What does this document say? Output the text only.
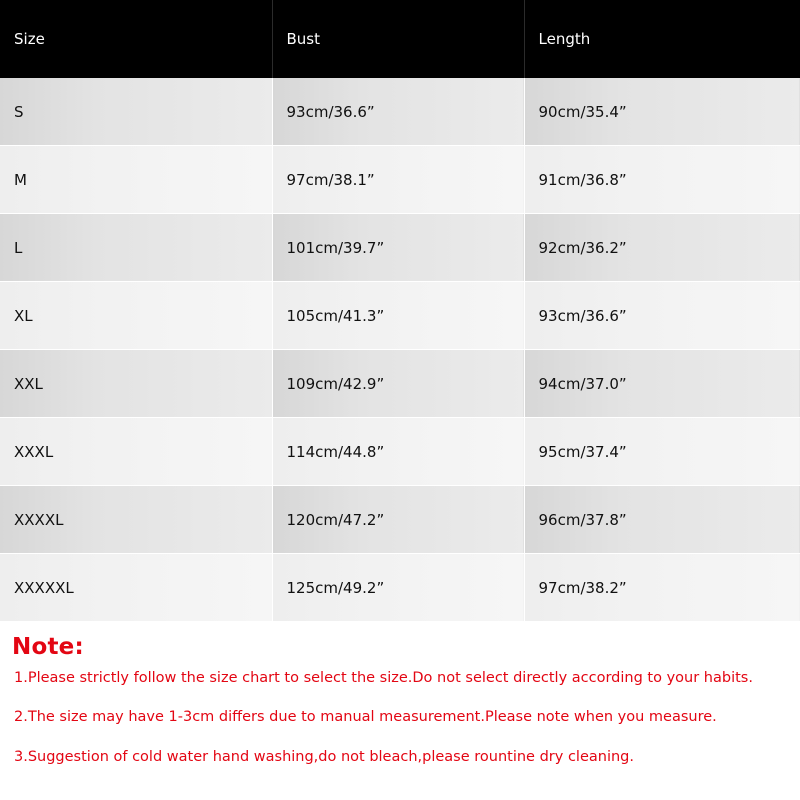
Size	Bust	Length
S	93cm/36.6”	90cm/35.4”
M	97cm/38.1”	91cm/36.8”
L	101cm/39.7”	92cm/36.2”
XL	105cm/41.3”	93cm/36.6”
XXL	109cm/42.9”	94cm/37.0”
XXXL	114cm/44.8”	95cm/37.4”
XXXXL	120cm/47.2”	96cm/37.8”
XXXXXL	125cm/49.2”	97cm/38.2”
Note:
1.Please strictly follow the size chart to select the size.Do not select directly according to your habits.
2.The size may have 1-3cm differs due to manual measurement.Please note when you measure.
3.Suggestion of cold water hand washing,do not bleach,please rountine dry cleaning.
